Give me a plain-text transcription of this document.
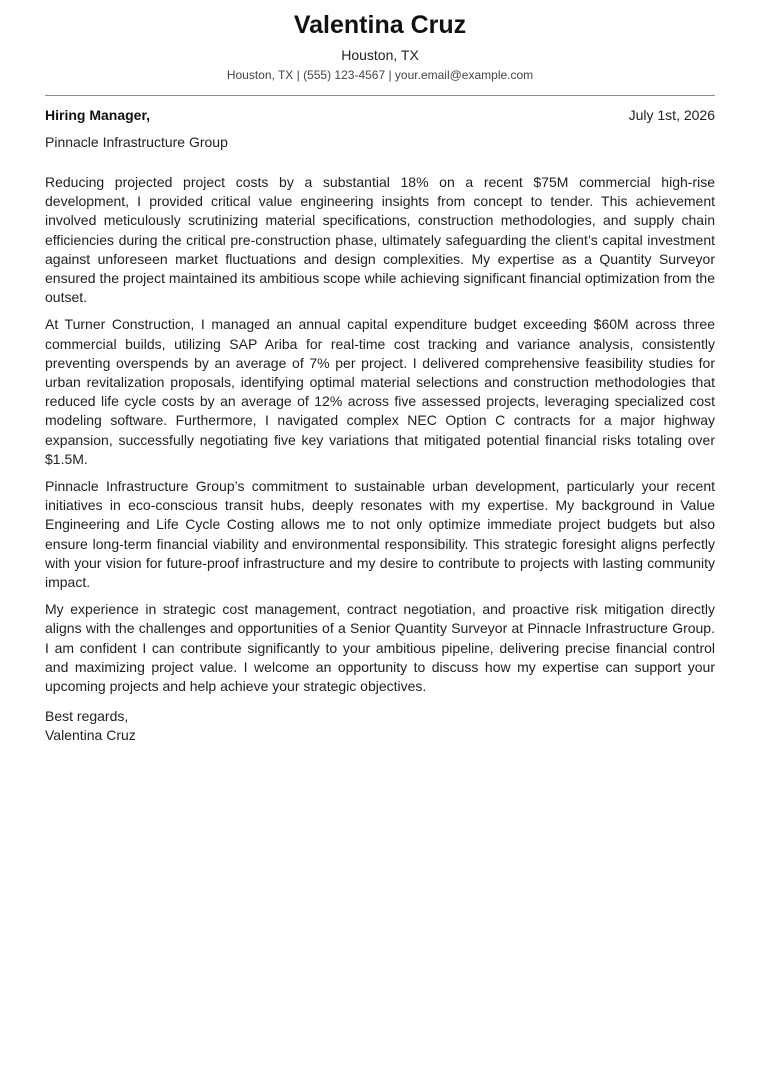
Valentina Cruz
Houston, TX
Houston, TX | (555) 123-4567 | your.email@example.com
Hiring Manager,	July 1st, 2026
Pinnacle Infrastructure Group

Reducing projected project costs by a substantial 18% on a recent $75M commercial high-rise development, I provided critical value engineering insights from concept to tender. This achievement involved meticulously scrutinizing material specifications, construction methodologies, and supply chain efficiencies during the critical pre-construction phase, ultimately safeguarding the client’s capital investment against unforeseen market fluctuations and design complexities. My expertise as a Quantity Surveyor ensured the project maintained its ambitious scope while achieving significant financial optimization from the outset.

At Turner Construction, I managed an annual capital expenditure budget exceeding $60M across three commercial builds, utilizing SAP Ariba for real-time cost tracking and variance analysis, consistently preventing overspends by an average of 7% per project. I delivered comprehensive feasibility studies for urban revitalization proposals, identifying optimal material selections and construction methodologies that reduced life cycle costs by an average of 12% across five assessed projects, leveraging specialized cost modeling software. Furthermore, I navigated complex NEC Option C contracts for a major highway expansion, successfully negotiating five key variations that mitigated potential financial risks totaling over $1.5M.

Pinnacle Infrastructure Group’s commitment to sustainable urban development, particularly your recent initiatives in eco-conscious transit hubs, deeply resonates with my expertise. My background in Value Engineering and Life Cycle Costing allows me to not only optimize immediate project budgets but also ensure long-term financial viability and environmental responsibility. This strategic foresight aligns perfectly with your vision for future-proof infrastructure and my desire to contribute to projects with lasting community impact.

My experience in strategic cost management, contract negotiation, and proactive risk mitigation directly aligns with the challenges and opportunities of a Senior Quantity Surveyor at Pinnacle Infrastructure Group. I am confident I can contribute significantly to your ambitious pipeline, delivering precise financial control and maximizing project value. I welcome an opportunity to discuss how my expertise can support your upcoming projects and help achieve your strategic objectives.

Best regards,
Valentina Cruz
